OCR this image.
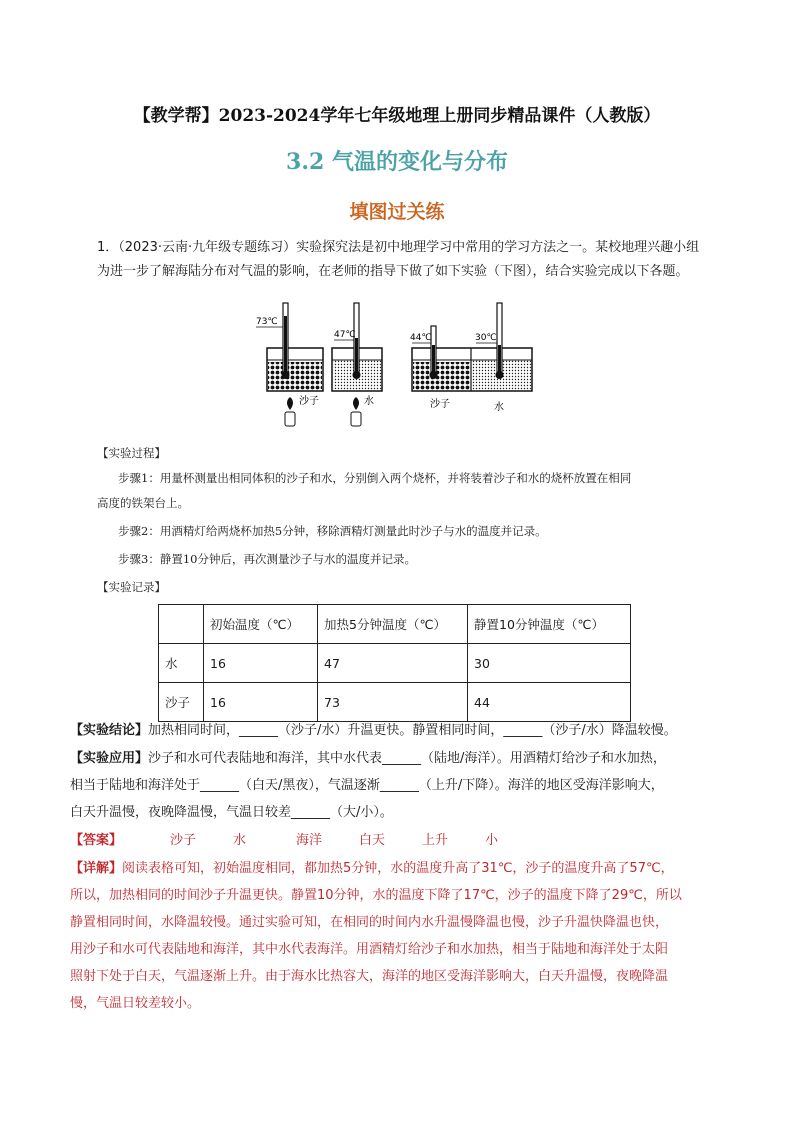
【教学帮】2023-2024学年七年级地理上册同步精品课件（人教版）
3.2 气温的变化与分布
填图过关练
1．（2023·云南·九年级专题练习）实验探究法是初中地理学习中常用的学习方法之一。某校地理兴趣小组
为进一步了解海陆分布对气温的影响，在老师的指导下做了如下实验（下图），结合实验完成以下各题。
73℃
沙子
47℃
水
44℃	30℃
沙子	水
【实验过程】
步骤1：用量杯测量出相同体积的沙子和水，分别倒入两个烧杯，并将装着沙子和水的烧杯放置在相同
高度的铁架台上。
步骤2：用酒精灯给两烧杯加热5分钟，移除酒精灯测量此时沙子与水的温度并记录。
步骤3：静置10分钟后，再次测量沙子与水的温度并记录。
【实验记录】
	初始温度（℃）	加热5分钟温度（℃）	静置10分钟温度（℃）
水	16	47	30
沙子	16	73	44
【实验结论】加热相同时间，______（沙子/水）升温更快。静置相同时间，______（沙子/水）降温较慢。
【实验应用】沙子和水可代表陆地和海洋，其中水代表______（陆地/海洋）。用酒精灯给沙子和水加热，
相当于陆地和海洋处于______（白天/黑夜），气温逐渐______（上升/下降）。海洋的地区受海洋影响大，
白天升温慢，夜晚降温慢，气温日较差______（大/小）。
【答案】	沙子	水	海洋	白天	上升	小
【详解】阅读表格可知，初始温度相同，都加热5分钟，水的温度升高了31℃，沙子的温度升高了57℃，
所以，加热相同的时间沙子升温更快。静置10分钟，水的温度下降了17℃，沙子的温度下降了29℃，所以
静置相同时间，水降温较慢。通过实验可知，在相同的时间内水升温慢降温也慢，沙子升温快降温也快，
用沙子和水可代表陆地和海洋，其中水代表海洋。用酒精灯给沙子和水加热，相当于陆地和海洋处于太阳
照射下处于白天，气温逐渐上升。由于海水比热容大，海洋的地区受海洋影响大，白天升温慢，夜晚降温
慢，气温日较差较小。
